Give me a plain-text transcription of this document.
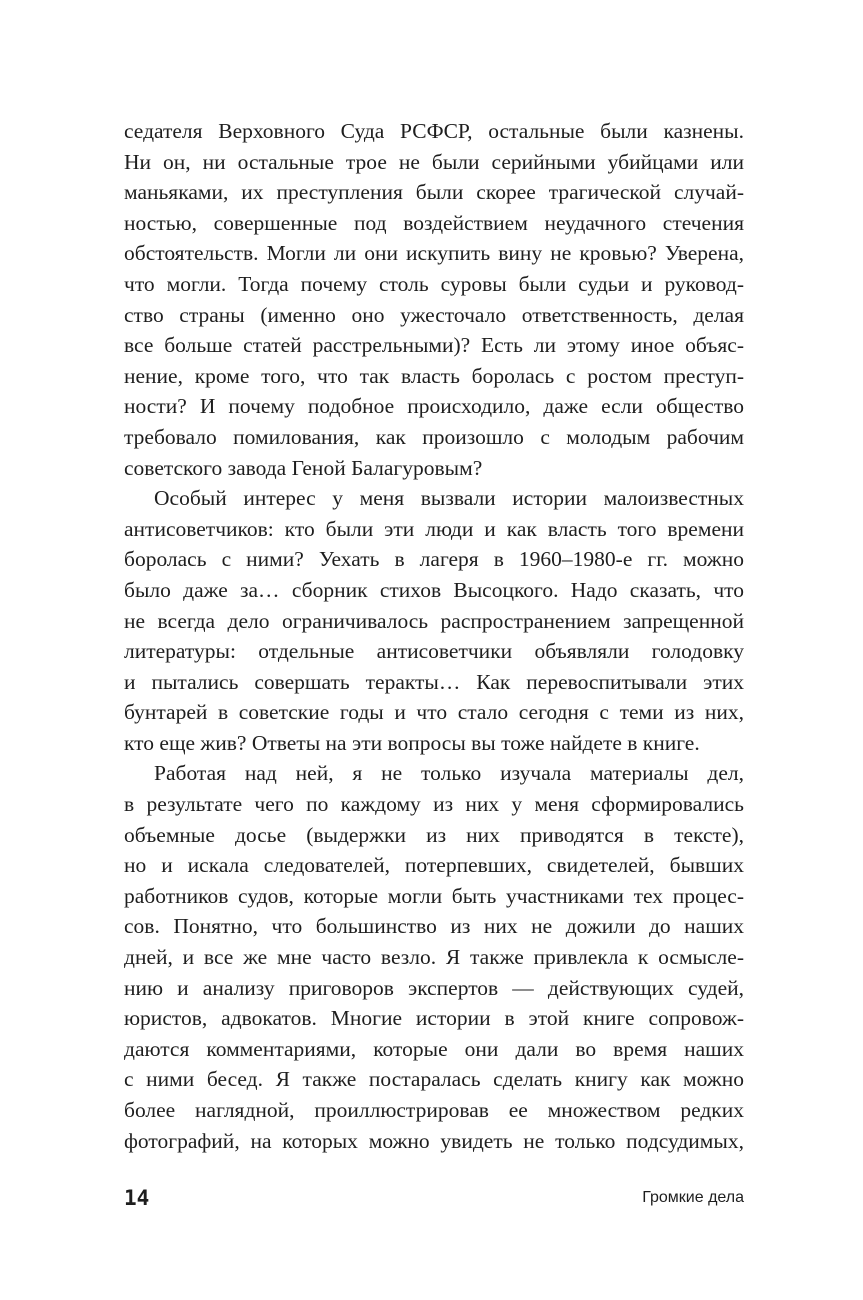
седателя Верховного Суда РСФСР, остальные были казнены.
Ни он, ни остальные трое не были серийными убийцами или
маньяками, их преступления были скорее трагической случай-
ностью, совершенные под воздействием неудачного стечения
обстоятельств. Могли ли они искупить вину не кровью? Уверена,
что могли. Тогда почему столь суровы были судьи и руковод-
ство страны (именно оно ужесточало ответственность, делая
все больше статей расстрельными)? Есть ли этому иное объяс-
нение, кроме того, что так власть боролась с ростом преступ-
ности? И почему подобное происходило, даже если общество
требовало помилования, как произошло с молодым рабочим
советского завода Геной Балагуровым?
Особый интерес у меня вызвали истории малоизвестных
антисоветчиков: кто были эти люди и как власть того времени
боролась с ними? Уехать в лагеря в 1960–1980-е гг. можно
было даже за… сборник стихов Высоцкого. Надо сказать, что
не всегда дело ограничивалось распространением запрещенной
литературы: отдельные антисоветчики объявляли голодовку
и пытались совершать теракты… Как перевоспитывали этих
бунтарей в советские годы и что стало сегодня с теми из них,
кто еще жив? Ответы на эти вопросы вы тоже найдете в книге.
Работая над ней, я не только изучала материалы дел,
в результате чего по каждому из них у меня сформировались
объемные досье (выдержки из них приводятся в тексте),
но и искала следователей, потерпевших, свидетелей, бывших
работников судов, которые могли быть участниками тех процес-
сов. Понятно, что большинство из них не дожили до наших
дней, и все же мне часто везло. Я также привлекла к осмысле-
нию и анализу приговоров экспертов — действующих судей,
юристов, адвокатов. Многие истории в этой книге сопровож-
даются комментариями, которые они дали во время наших
с ними бесед. Я также постаралась сделать книгу как можно
более наглядной, проиллюстрировав ее множеством редких
фотографий, на которых можно увидеть не только подсудимых,
14	Громкие дела
